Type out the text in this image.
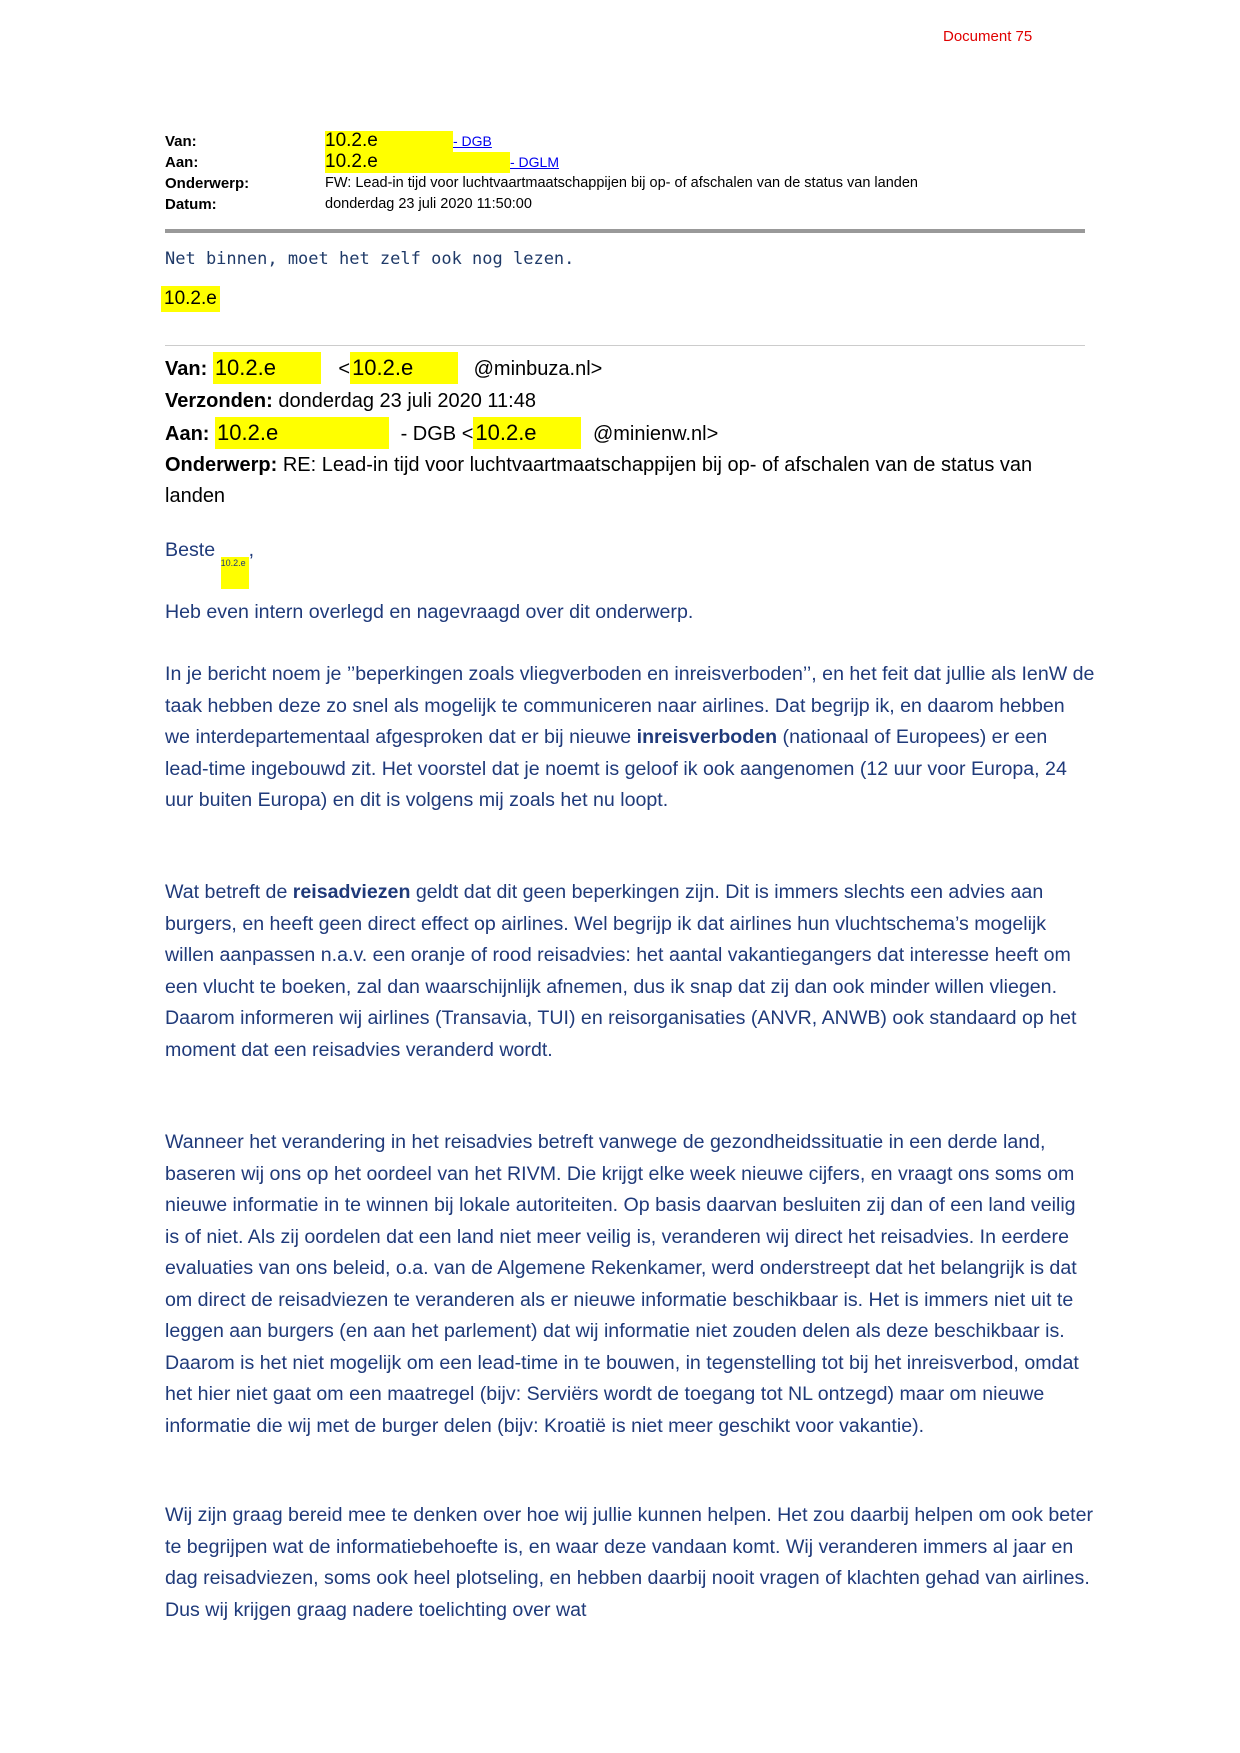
Document 75
Van:	10.2.e	- DGB
Aan:	10.2.e	- DGLM
Onderwerp:	FW: Lead-in tijd voor luchtvaartmaatschappijen bij op- of afschalen van de status van landen
Datum:	donderdag 23 juli 2020 11:50:00
Net binnen, moet het zelf ook nog lezen.
10.2.e
Van: 10.2.e	<10.2.e	@minbuza.nl>
Verzonden: donderdag 23 juli 2020 11:48
Aan: 10.2.e	- DGB <10.2.e	@minienw.nl>
Onderwerp: RE: Lead-in tijd voor luchtvaartmaatschappijen bij op- of afschalen van de status van landen
Beste 10.2.e,

Heb even intern overlegd en nagevraagd over dit onderwerp.

In je bericht noem je ’’beperkingen zoals vliegverboden en inreisverboden’’, en het feit dat jullie als IenW de taak hebben deze zo snel als mogelijk te communiceren naar airlines. Dat begrijp ik, en daarom hebben we interdepartementaal afgesproken dat er bij nieuwe inreisverboden (nationaal of Europees) er een lead-time ingebouwd zit. Het voorstel dat je noemt is geloof ik ook aangenomen (12 uur voor Europa, 24 uur buiten Europa) en dit is volgens mij zoals het nu loopt.

Wat betreft de reisadviezen geldt dat dit geen beperkingen zijn. Dit is immers slechts een advies aan burgers, en heeft geen direct effect op airlines. Wel begrijp ik dat airlines hun vluchtschema’s mogelijk willen aanpassen n.a.v. een oranje of rood reisadvies: het aantal vakantiegangers dat interesse heeft om een vlucht te boeken, zal dan waarschijnlijk afnemen, dus ik snap dat zij dan ook minder willen vliegen. Daarom informeren wij airlines (Transavia, TUI) en reisorganisaties (ANVR, ANWB) ook standaard op het moment dat een reisadvies veranderd wordt.

Wanneer het verandering in het reisadvies betreft vanwege de gezondheidssituatie in een derde land, baseren wij ons op het oordeel van het RIVM. Die krijgt elke week nieuwe cijfers, en vraagt ons soms om nieuwe informatie in te winnen bij lokale autoriteiten. Op basis daarvan besluiten zij dan of een land veilig is of niet. Als zij oordelen dat een land niet meer veilig is, veranderen wij direct het reisadvies. In eerdere evaluaties van ons beleid, o.a. van de Algemene Rekenkamer, werd onderstreept dat het belangrijk is dat om direct de reisadviezen te veranderen als er nieuwe informatie beschikbaar is. Het is immers niet uit te leggen aan burgers (en aan het parlement) dat wij informatie niet zouden delen als deze beschikbaar is. Daarom is het niet mogelijk om een lead-time in te bouwen, in tegenstelling tot bij het inreisverbod, omdat het hier niet gaat om een maatregel (bijv: Serviërs wordt de toegang tot NL ontzegd) maar om nieuwe informatie die wij met de burger delen (bijv: Kroatië is niet meer geschikt voor vakantie).

Wij zijn graag bereid mee te denken over hoe wij jullie kunnen helpen. Het zou daarbij helpen om ook beter te begrijpen wat de informatiebehoefte is, en waar deze vandaan komt. Wij veranderen immers al jaar en dag reisadviezen, soms ook heel plotseling, en hebben daarbij nooit vragen of klachten gehad van airlines. Dus wij krijgen graag nadere toelichting over wat
